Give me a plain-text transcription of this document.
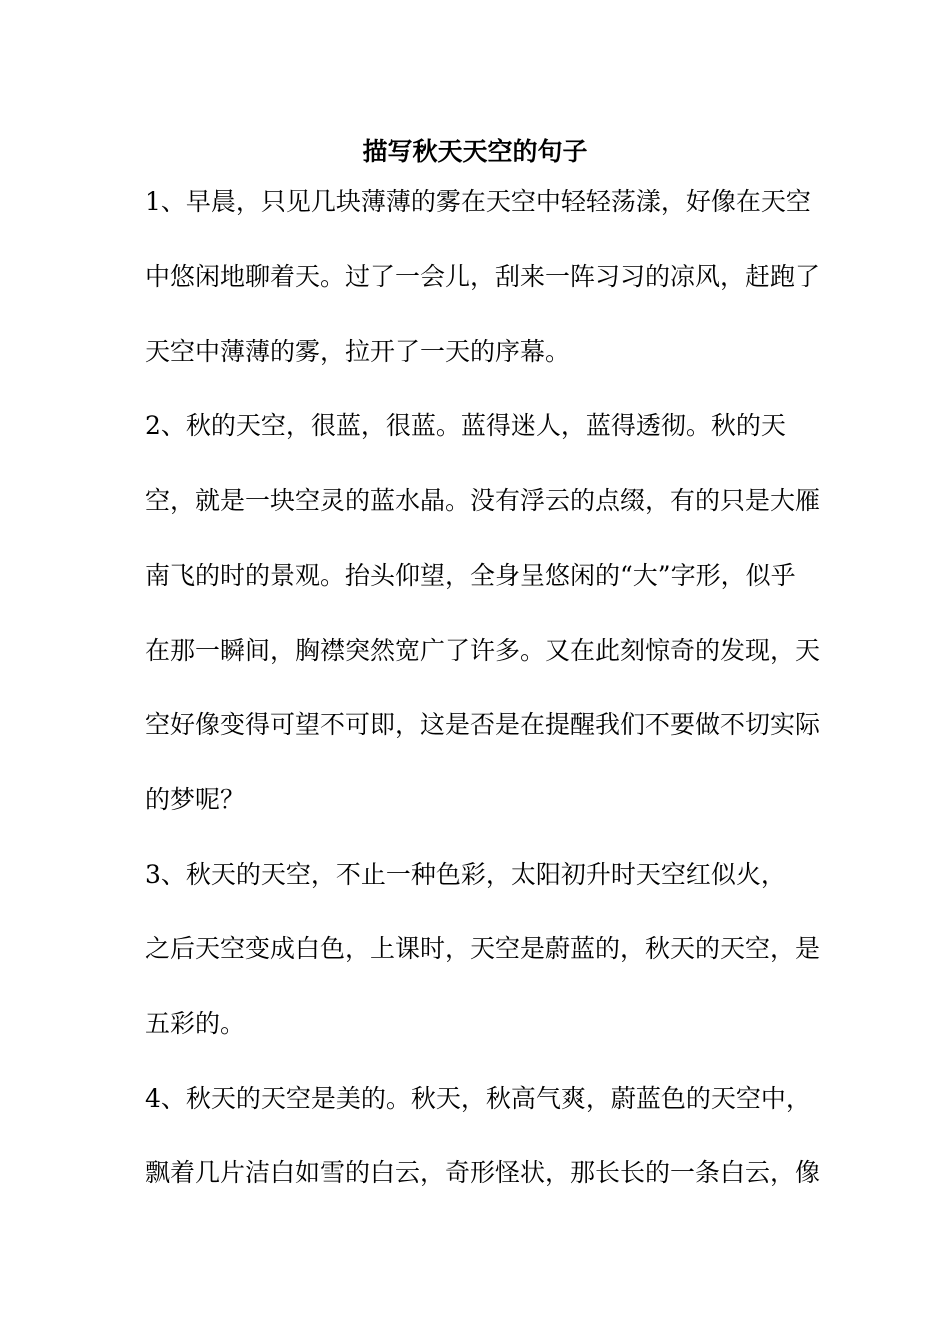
描写秋天天空的句子
1、早晨，只见几块薄薄的雾在天空中轻轻荡漾，好像在天空
中悠闲地聊着天。过了一会儿，刮来一阵习习的凉风，赶跑了
天空中薄薄的雾，拉开了一天的序幕。
2、秋的天空，很蓝，很蓝。蓝得迷人，蓝得透彻。秋的天
空，就是一块空灵的蓝水晶。没有浮云的点缀，有的只是大雁
南飞的时的景观。抬头仰望，全身呈悠闲的“大”字形，似乎
在那一瞬间，胸襟突然宽广了许多。又在此刻惊奇的发现，天
空好像变得可望不可即，这是否是在提醒我们不要做不切实际
的梦呢？
3、秋天的天空，不止一种色彩，太阳初升时天空红似火，
之后天空变成白色，上课时，天空是蔚蓝的，秋天的天空，是
五彩的。
4、秋天的天空是美的。秋天，秋高气爽，蔚蓝色的天空中，
飘着几片洁白如雪的白云，奇形怪状，那长长的一条白云，像
